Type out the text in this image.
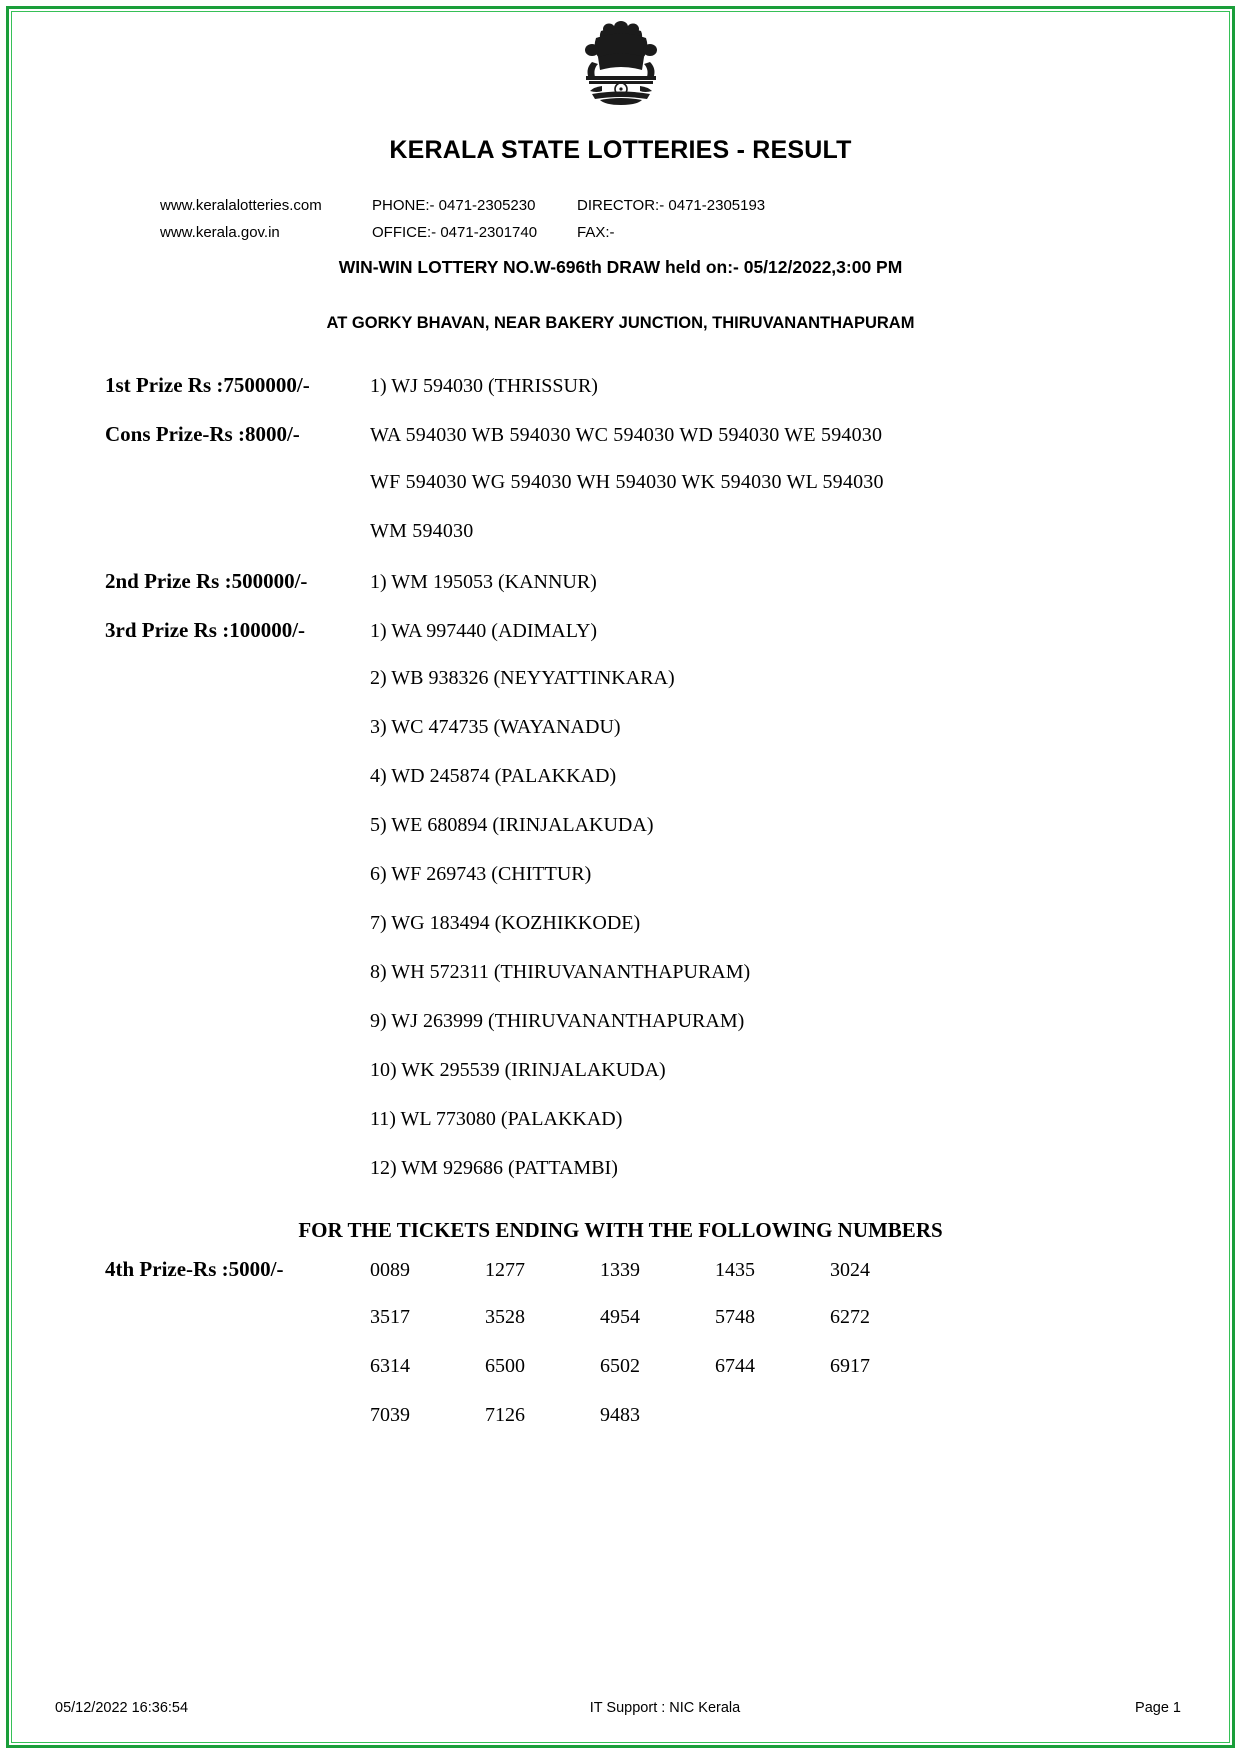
KERALA STATE LOTTERIES - RESULT
www.keralalotteries.com	PHONE:- 0471-2305230	DIRECTOR:- 0471-2305193
www.kerala.gov.in	OFFICE:- 0471-2301740	FAX:-
WIN-WIN LOTTERY NO.W-696th DRAW held on:- 05/12/2022,3:00 PM
AT GORKY BHAVAN, NEAR BAKERY JUNCTION, THIRUVANANTHAPURAM
1st Prize Rs :7500000/-	1) WJ 594030 (THRISSUR)
Cons Prize-Rs :8000/-	WA 594030 WB 594030 WC 594030 WD 594030 WE 594030
WF 594030 WG 594030 WH 594030 WK 594030 WL 594030
WM 594030
2nd Prize Rs :500000/-	1) WM 195053 (KANNUR)
3rd Prize Rs :100000/-	1) WA 997440 (ADIMALY)
2) WB 938326 (NEYYATTINKARA)
3) WC 474735 (WAYANADU)
4) WD 245874 (PALAKKAD)
5) WE 680894 (IRINJALAKUDA)
6) WF 269743 (CHITTUR)
7) WG 183494 (KOZHIKKODE)
8) WH 572311 (THIRUVANANTHAPURAM)
9) WJ 263999 (THIRUVANANTHAPURAM)
10) WK 295539 (IRINJALAKUDA)
11) WL 773080 (PALAKKAD)
12) WM 929686 (PATTAMBI)
FOR THE TICKETS ENDING WITH THE FOLLOWING NUMBERS
4th Prize-Rs :5000/-	0089	1277	1339	1435	3024
3517	3528	4954	5748	6272
6314	6500	6502	6744	6917
7039	7126	9483
05/12/2022 16:36:54	IT Support : NIC Kerala	Page 1
